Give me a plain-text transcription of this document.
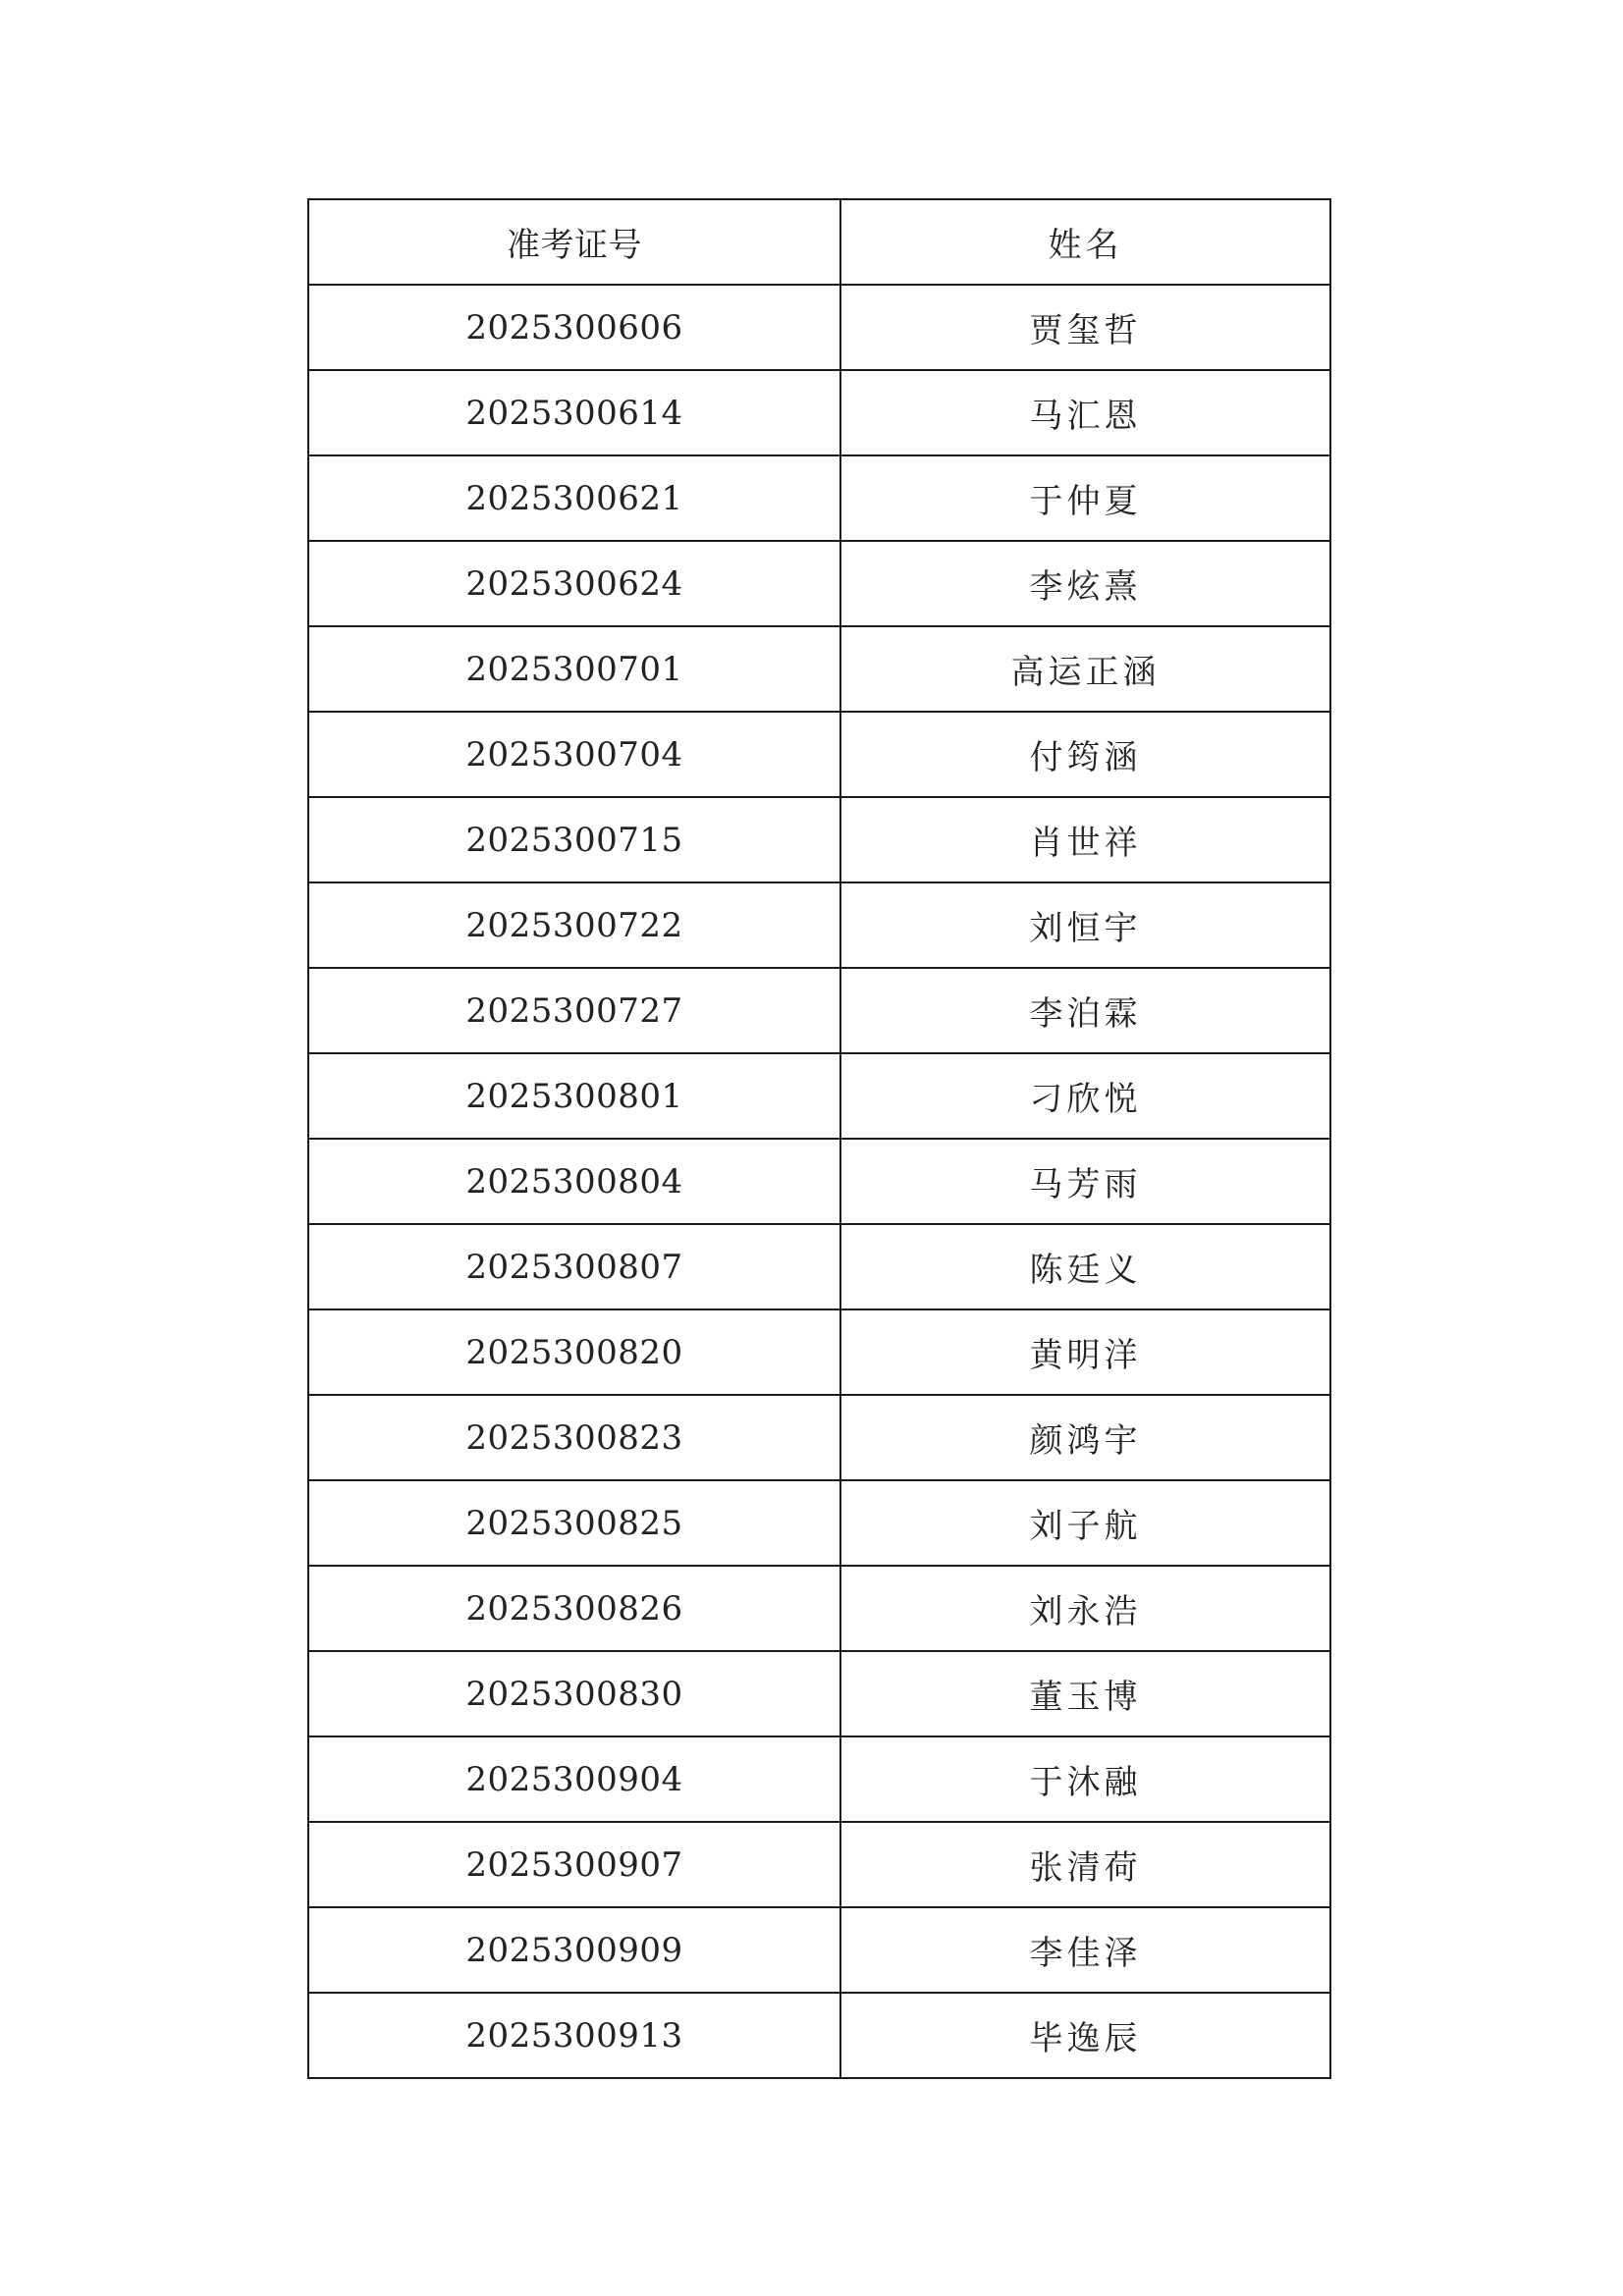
准考证号	姓名
2025300606	贾玺哲
2025300614	马汇恩
2025300621	于仲夏
2025300624	李炫熹
2025300701	高运正涵
2025300704	付筠涵
2025300715	肖世祥
2025300722	刘恒宇
2025300727	李泊霖
2025300801	刁欣悦
2025300804	马芳雨
2025300807	陈廷义
2025300820	黄明洋
2025300823	颜鸿宇
2025300825	刘子航
2025300826	刘永浩
2025300830	董玉博
2025300904	于沐融
2025300907	张清荷
2025300909	李佳泽
2025300913	毕逸辰
